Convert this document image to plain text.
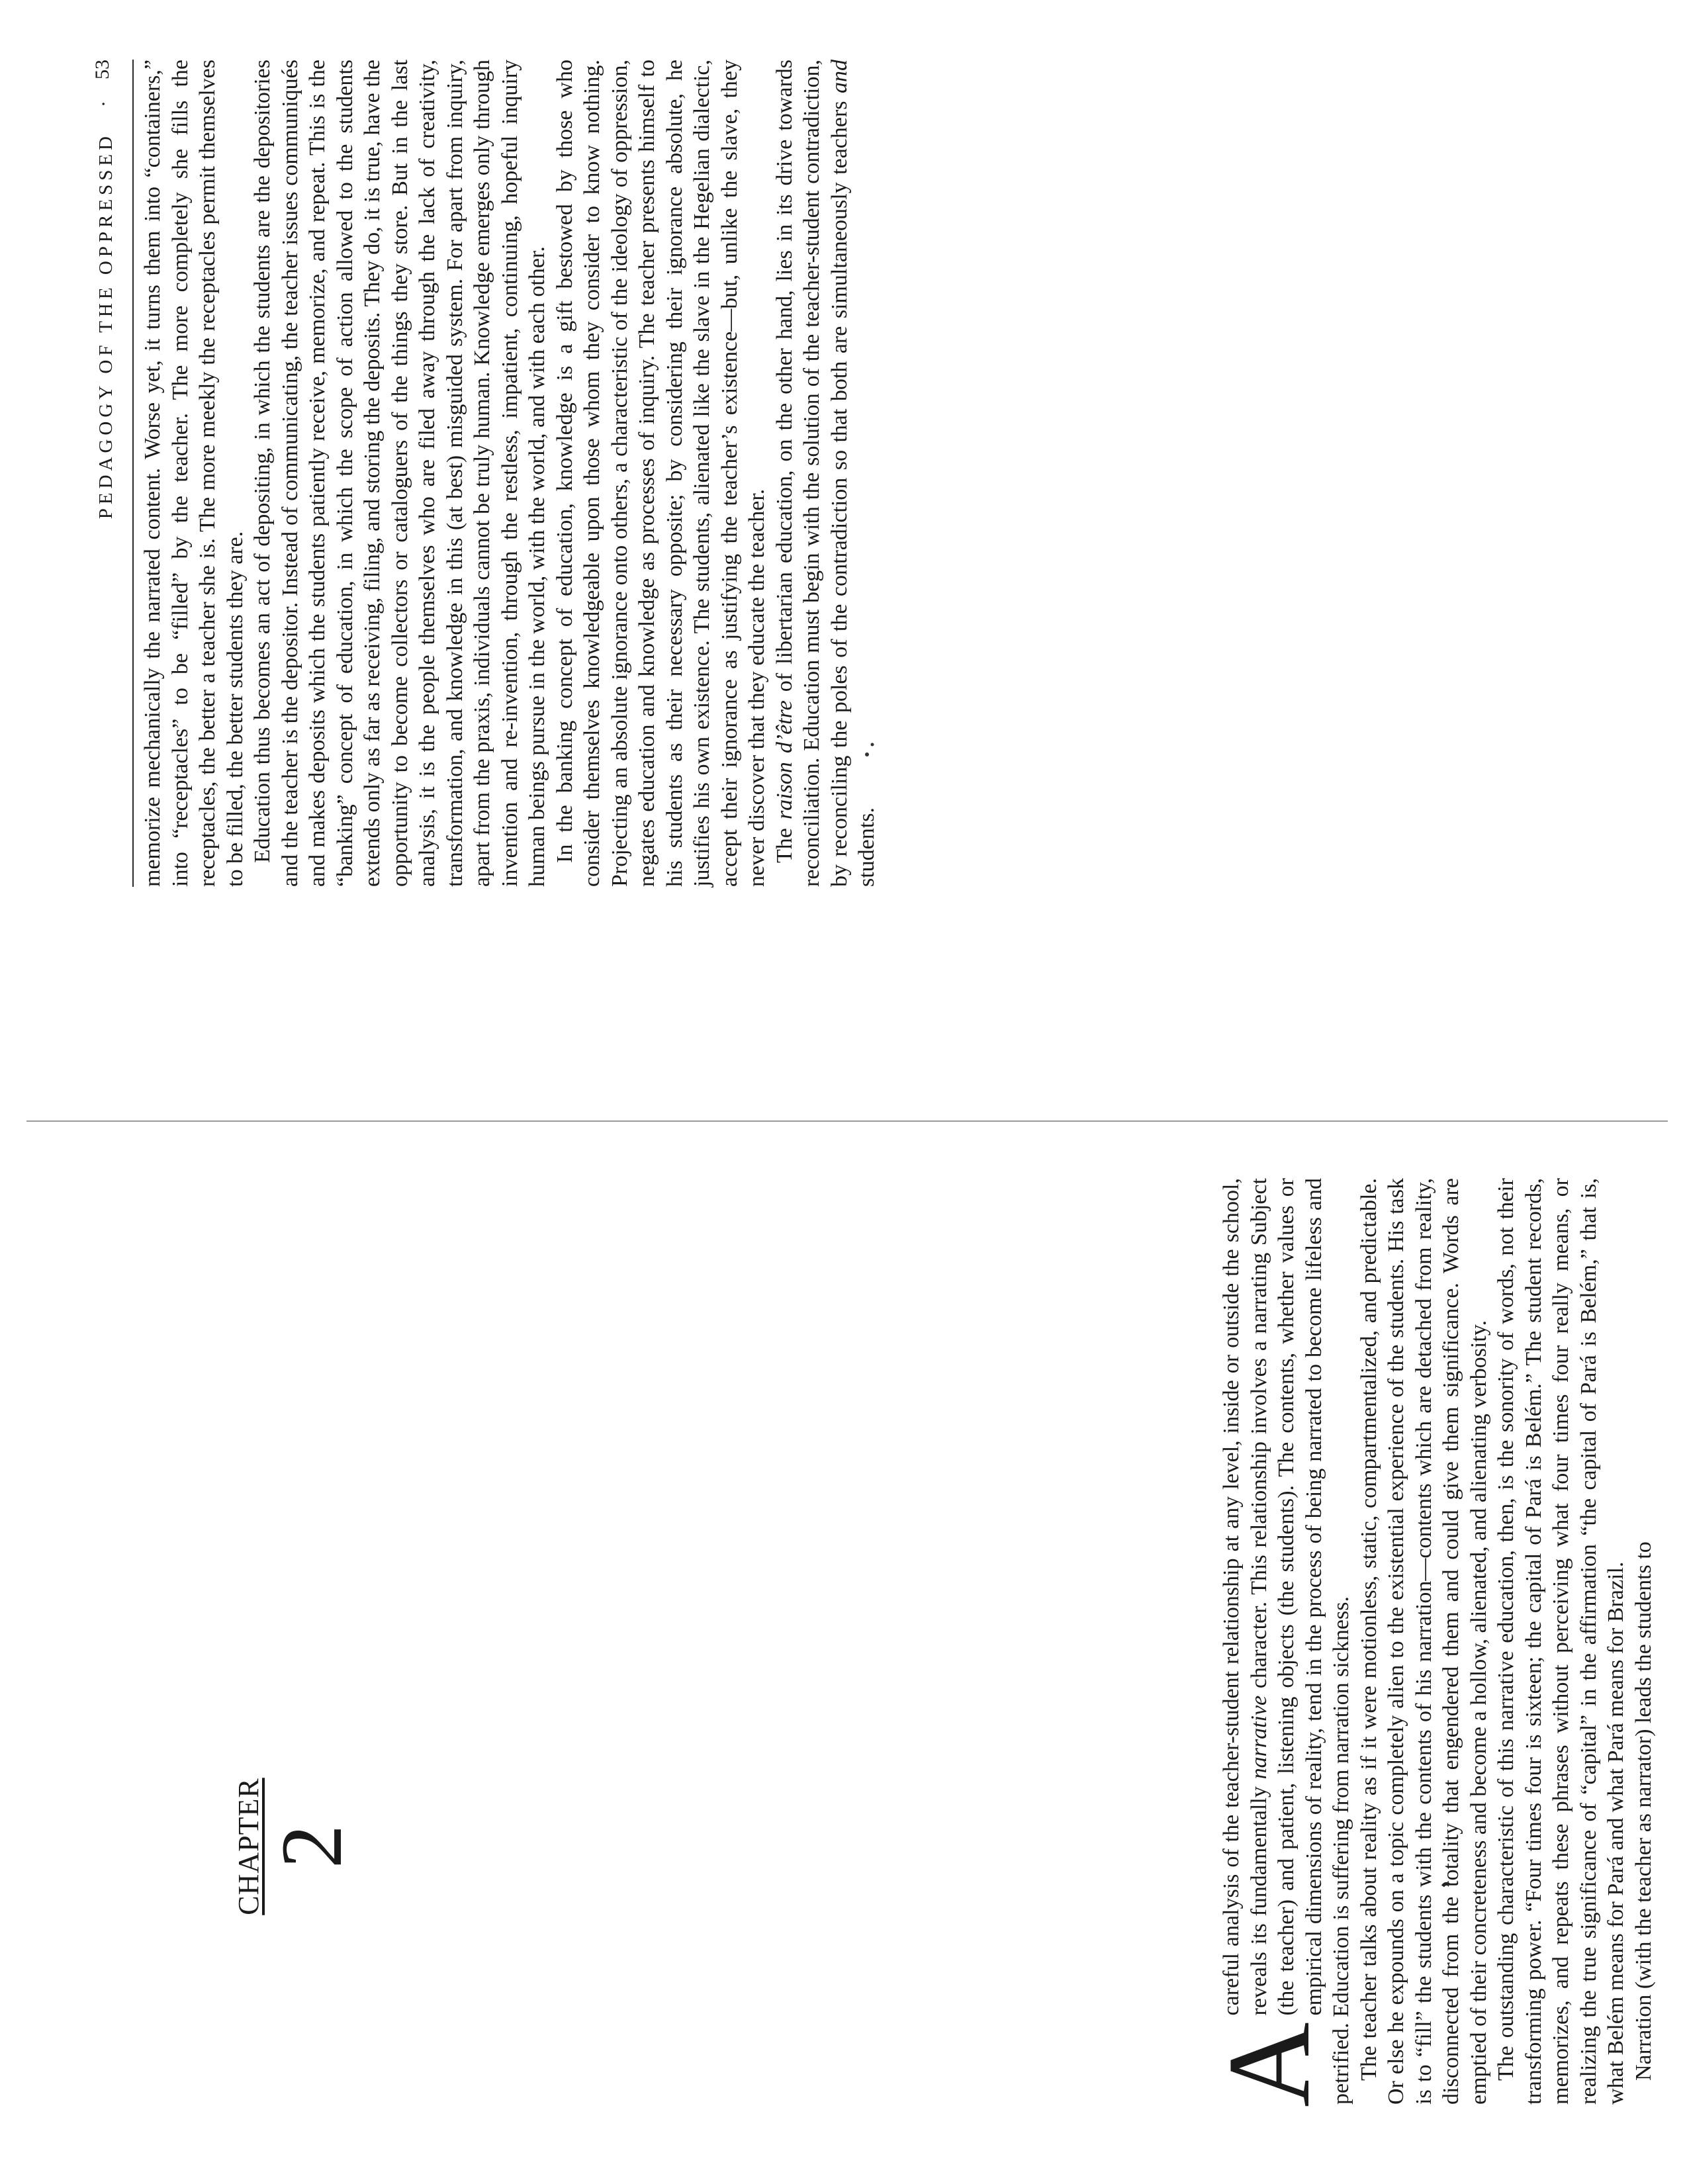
CHAPTER
2

A
careful analysis of the teacher-student relationship at any level, inside or outside the school, reveals its fundamentally narrative character. This relationship involves a narrating Subject (the teacher) and patient, listening objects (the students). The contents, whether values or empirical dimensions of reality, tend in the process of being narrated to become lifeless and petrified. Education is suffering from narration sickness. The teacher talks about reality as if it were motionless, static, compartmentalized, and predictable. Or else he expounds on a topic completely alien to the existential experience of the students. His task is to “fill” the students with the contents of his narration—contents which are detached from reality, disconnected from the totality that engendered them and could give them significance. Words are emptied of their concreteness and become a hollow, alienated, and alienating verbosity. The outstanding characteristic of this narrative education, then, is the sonority of words, not their transforming power. “Four times four is sixteen; the capital of Pará is Belém.” The student records, memorizes, and repeats these phrases without perceiving what four times four really means, or realizing the true significance of “capital” in the affirmation “the capital of Pará is Belém,” that is, what Belém means for Pará and what Pará means for Brazil. Narration (with the teacher as narrator) leads the students to

PEDAGOGY OF THE OPPRESSED
·
53 memorize mechanically the narrated content. Worse yet, it turns them into “containers,” into “receptacles” to be “filled” by the teacher. The more completely she fills the receptacles, the better a teacher she is. The more meekly the receptacles permit themselves to be filled, the better students they are. Education thus becomes an act of depositing, in which the students are the depositories and the teacher is the depositor. Instead of communicating, the teacher issues communiqués and makes deposits which the students patiently receive, memorize, and repeat. This is the “banking” concept of education, in which the scope of action allowed to the students extends only as far as receiving, filing, and storing the deposits. They do, it is true, have the opportunity to become collectors or cataloguers of the things they store. But in the last analysis, it is the people themselves who are filed away through the lack of creativity, transformation, and knowledge in this (at best) misguided system. For apart from inquiry, apart from the praxis, individuals cannot be truly human. Knowledge emerges only through invention and re-invention, through the restless, impatient, continuing, hopeful inquiry human beings pursue in the world, with the world, and with each other. In the banking concept of education, knowledge is a gift bestowed by those who consider themselves knowledgeable upon those whom they consider to know nothing. Projecting an absolute ignorance onto others, a characteristic of the ideology of oppression, negates education and knowledge as processes of inquiry. The teacher presents himself to his students as their necessary opposite; by considering their ignorance absolute, he justifies his own existence. The students, alienated like the slave in the Hegelian dialectic, accept their ignorance as justifying the teacher’s existence—but, unlike the slave, they never discover that they educate the teacher. The raison d’être of libertarian education, on the other hand, lies in its drive towards reconciliation. Education must begin with the solution of the teacher-student contradiction, by reconciling the poles of the contradiction so that both are simultaneously teachers and students.
